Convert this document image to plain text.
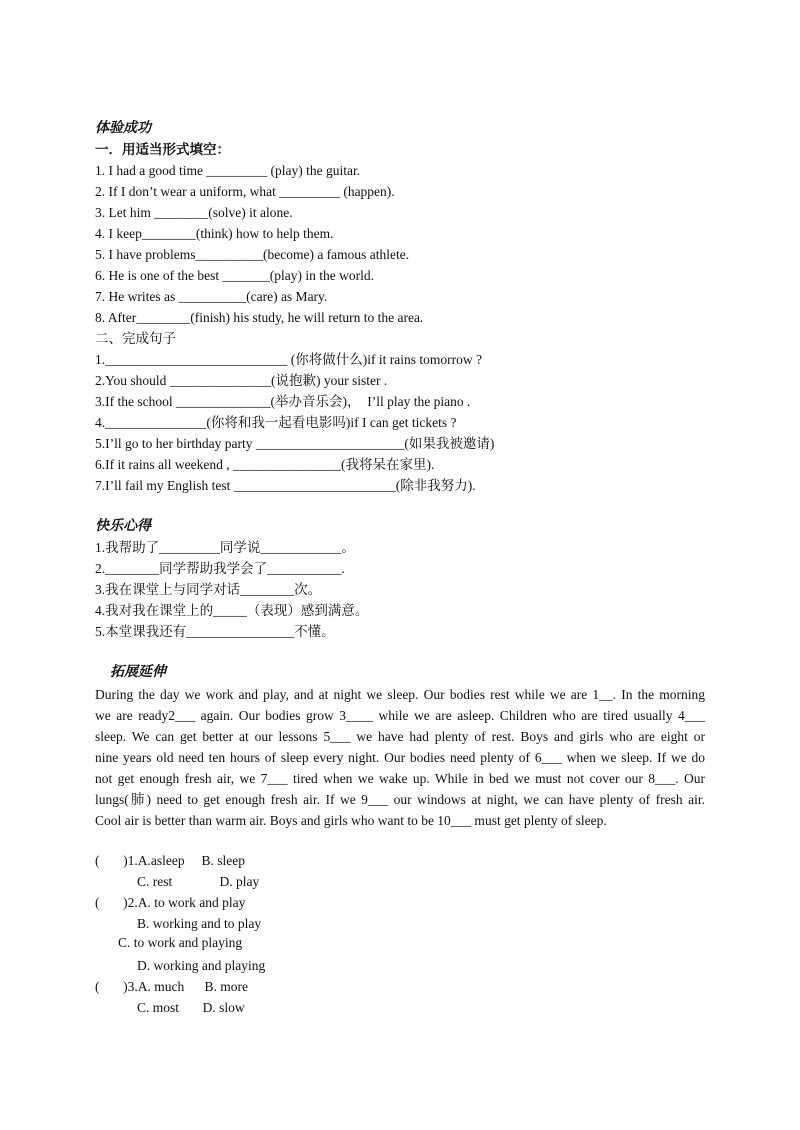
体验成功
一．用适当形式填空：
1. I had a good time _________ (play) the guitar.
2. If I don’t wear a uniform, what _________ (happen).
3. Let him ________(solve) it alone.
4. I keep________(think) how to help them.
5. I have problems__________(become) a famous athlete.
6. He is one of the best _______(play) in the world.
7. He writes as __________(care) as Mary.
8. After________(finish) his study, he will return to the area.
二、完成句子
1.___________________________ (你将做什么)if it rains tomorrow ?
2.You should _______________(说抱歉) your sister .
3.If the school ______________(举办音乐会)，  I’ll play the piano .
4._______________(你将和我一起看电影吗)if I can get tickets ?
5.I’ll go to her birthday party ______________________(如果我被邀请)
6.If it rains all weekend , ________________(我将呆在家里).
7.I’ll fail my English test ________________________(除非我努力).
快乐心得
1.我帮助了_________同学说____________。
2.________同学帮助我学会了___________.
3.我在课堂上与同学对话________次。
4.我对我在课堂上的_____（表现）感到满意。
5.本堂课我还有________________不懂。
拓展延伸
During the day we work and play, and at night we sleep. Our bodies rest while we are 1__. In the morning
we are ready2___ again. Our bodies grow 3____ while we are asleep. Children who are tired usually 4___
sleep. We can get better at our lessons 5___ we have had plenty of rest. Boys and girls who are eight or
nine years old need ten hours of sleep every night. Our bodies need plenty of 6___ when we sleep. If we do
not get enough fresh air, we 7___ tired when we wake up. While in bed we must not cover our 8___. Our
lungs(肺) need to get enough fresh air. If we 9___ our windows at night, we can have plenty of fresh air.
Cool air is better than warm air. Boys and girls who want to be 10___ must get plenty of sleep.
(       )1.A.asleep     B. sleep
C. rest              D. play
(       )2.A. to work and play
B. working and to play
C. to work and playing
D. working and playing
(       )3.A. much      B. more
C. most       D. slow
